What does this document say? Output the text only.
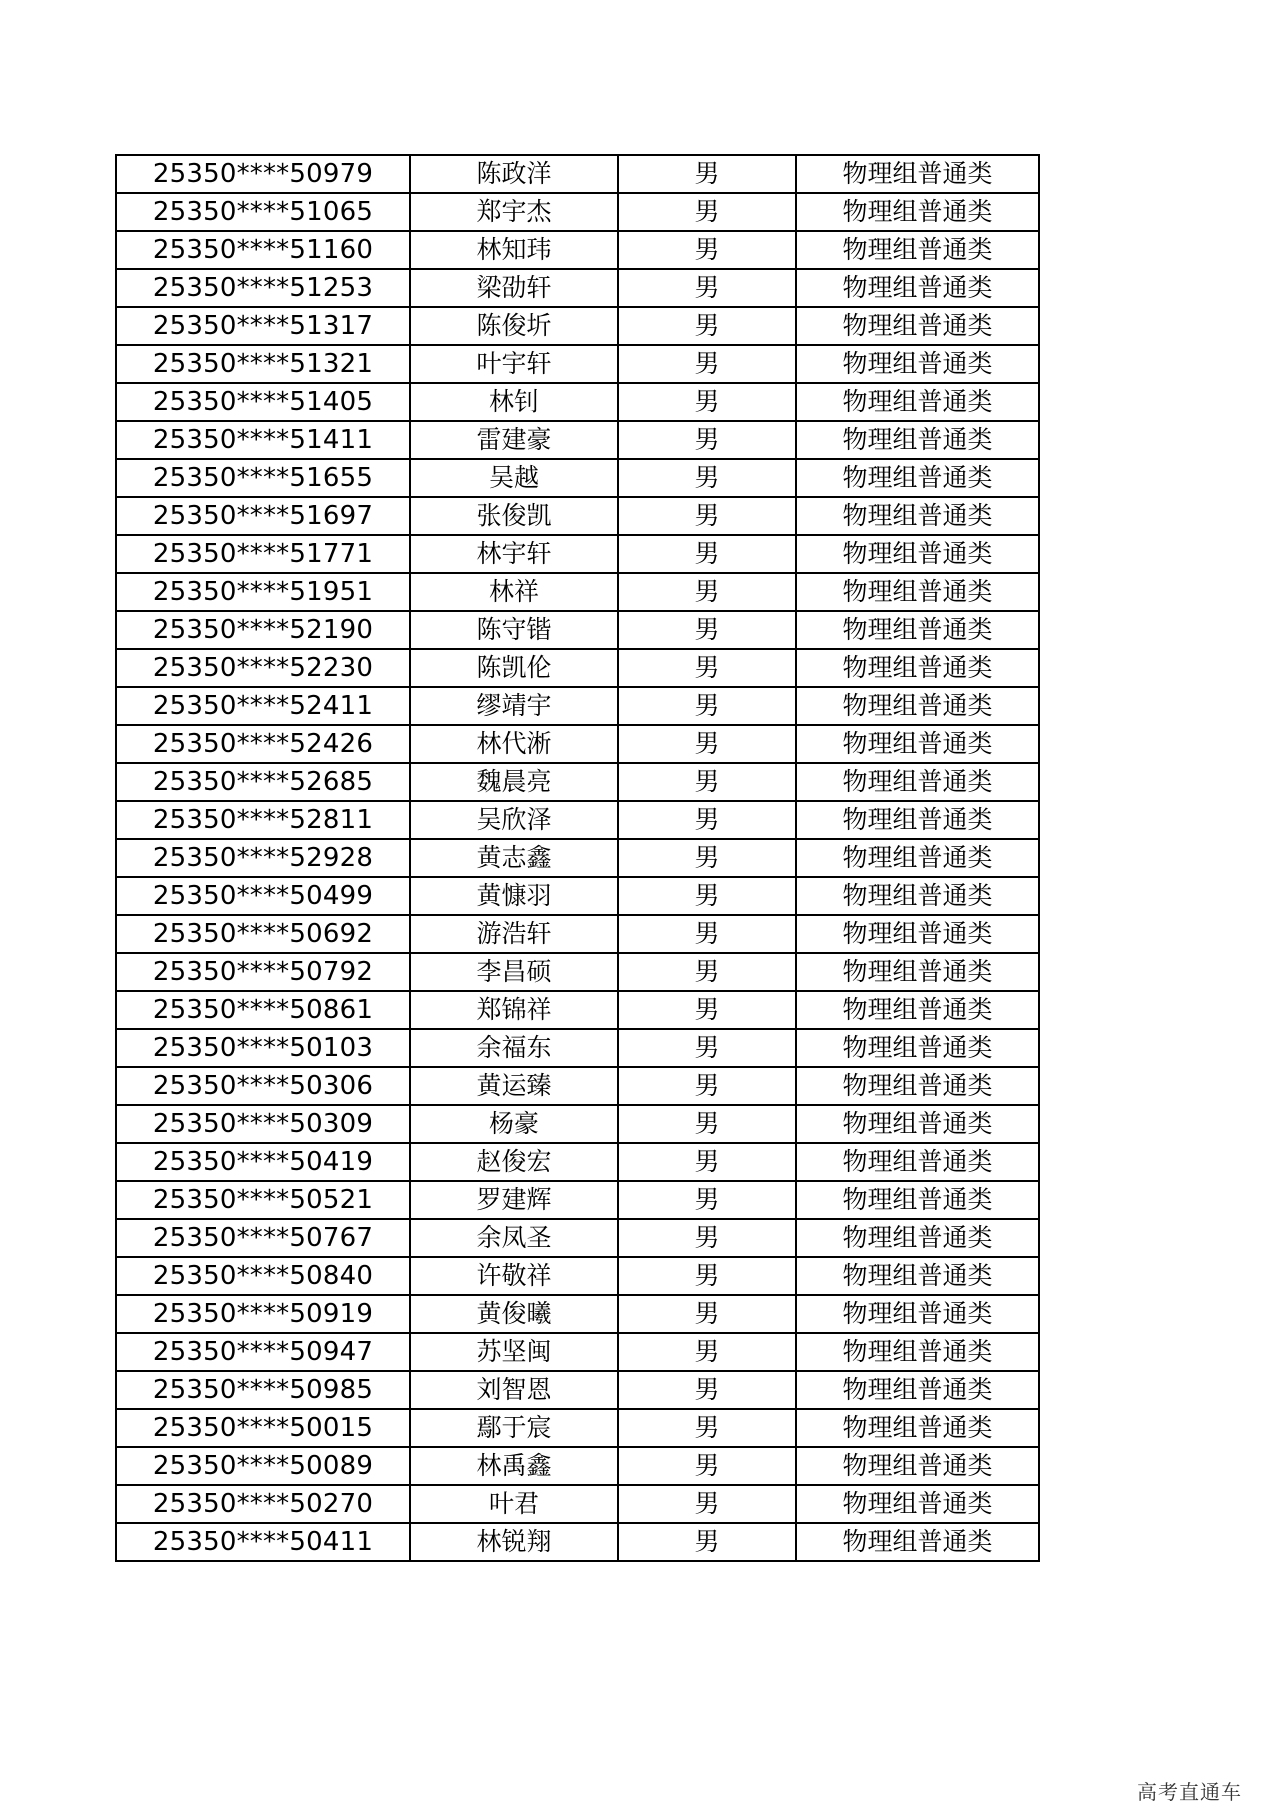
25350****50979	陈政洋	男	物理组普通类
25350****51065	郑宇杰	男	物理组普通类
25350****51160	林知玮	男	物理组普通类
25350****51253	梁劭轩	男	物理组普通类
25350****51317	陈俊圻	男	物理组普通类
25350****51321	叶宇轩	男	物理组普通类
25350****51405	林钊	男	物理组普通类
25350****51411	雷建豪	男	物理组普通类
25350****51655	吴越	男	物理组普通类
25350****51697	张俊凯	男	物理组普通类
25350****51771	林宇轩	男	物理组普通类
25350****51951	林祥	男	物理组普通类
25350****52190	陈守锴	男	物理组普通类
25350****52230	陈凯伦	男	物理组普通类
25350****52411	缪靖宇	男	物理组普通类
25350****52426	林代淅	男	物理组普通类
25350****52685	魏晨亮	男	物理组普通类
25350****52811	吴欣泽	男	物理组普通类
25350****52928	黄志鑫	男	物理组普通类
25350****50499	黄慷羽	男	物理组普通类
25350****50692	游浩轩	男	物理组普通类
25350****50792	李昌硕	男	物理组普通类
25350****50861	郑锦祥	男	物理组普通类
25350****50103	余福东	男	物理组普通类
25350****50306	黄运臻	男	物理组普通类
25350****50309	杨豪	男	物理组普通类
25350****50419	赵俊宏	男	物理组普通类
25350****50521	罗建辉	男	物理组普通类
25350****50767	余凤圣	男	物理组普通类
25350****50840	许敬祥	男	物理组普通类
25350****50919	黄俊曦	男	物理组普通类
25350****50947	苏坚闽	男	物理组普通类
25350****50985	刘智恩	男	物理组普通类
25350****50015	鄢于宸	男	物理组普通类
25350****50089	林禹鑫	男	物理组普通类
25350****50270	叶君	男	物理组普通类
25350****50411	林锐翔	男	物理组普通类
高考直通车
